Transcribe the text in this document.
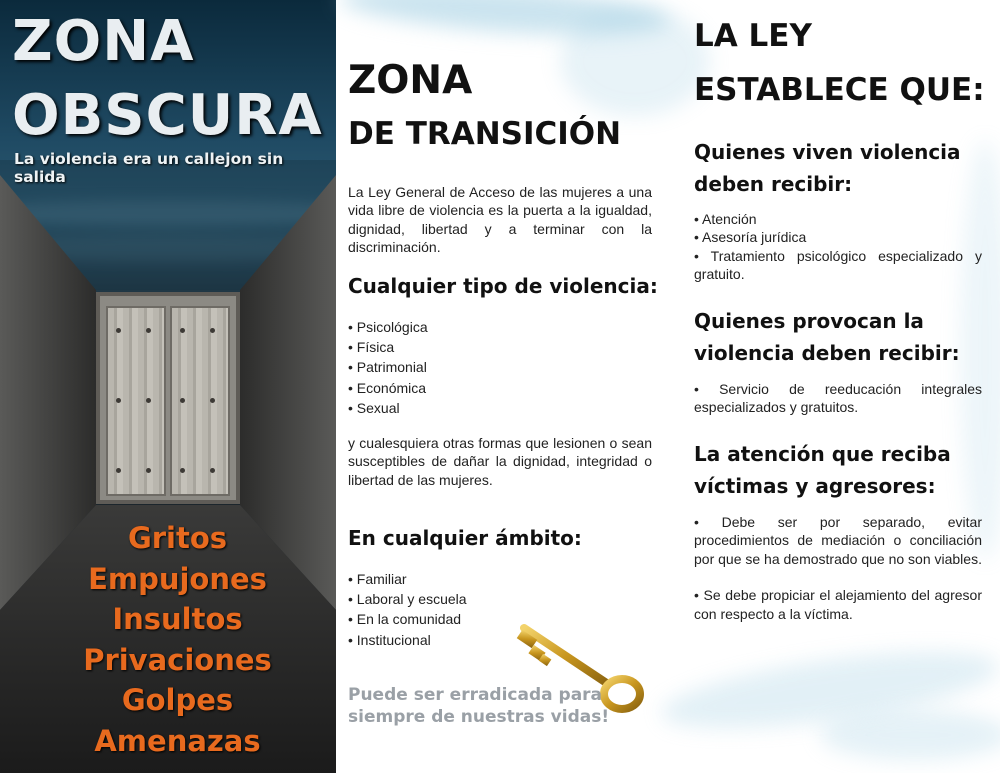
ZONA
OBSCURA
La violencia era un callejon sin salida
Gritos
Empujones
Insultos
Privaciones
Golpes
Amenazas
ZONA
DE TRANSICIÓN

La Ley General de Acceso de las mujeres a una vida libre de violencia es la puerta a la igualdad, dignidad, libertad y a terminar con la discriminación.

Cualquier tipo de violencia:
• Psicológica
• Física
• Patrimonial
• Económica
• Sexual

y cualesquiera otras formas que lesionen o sean susceptibles de dañar la dignidad, integridad o libertad de las mujeres.

En cualquier ámbito:
• Familiar
• Laboral y escuela
• En la comunidad
• Institucional
Puede ser erradicada para
siempre de nuestras vidas!
LA LEY
ESTABLECE QUE:
Quienes viven violencia
deben recibir:
• Atención
• Asesoría jurídica
• Tratamiento psicológico especializado y gratuito.
Quienes provocan la
violencia deben recibir:
• Servicio de reeducación integrales especializados y gratuitos.
La atención que reciba
víctimas y agresores:
• Debe ser por separado, evitar procedimientos de mediación o conciliación por que se ha demostrado que no son viables.
• Se debe propiciar el alejamiento del agresor con respecto a la víctima.
